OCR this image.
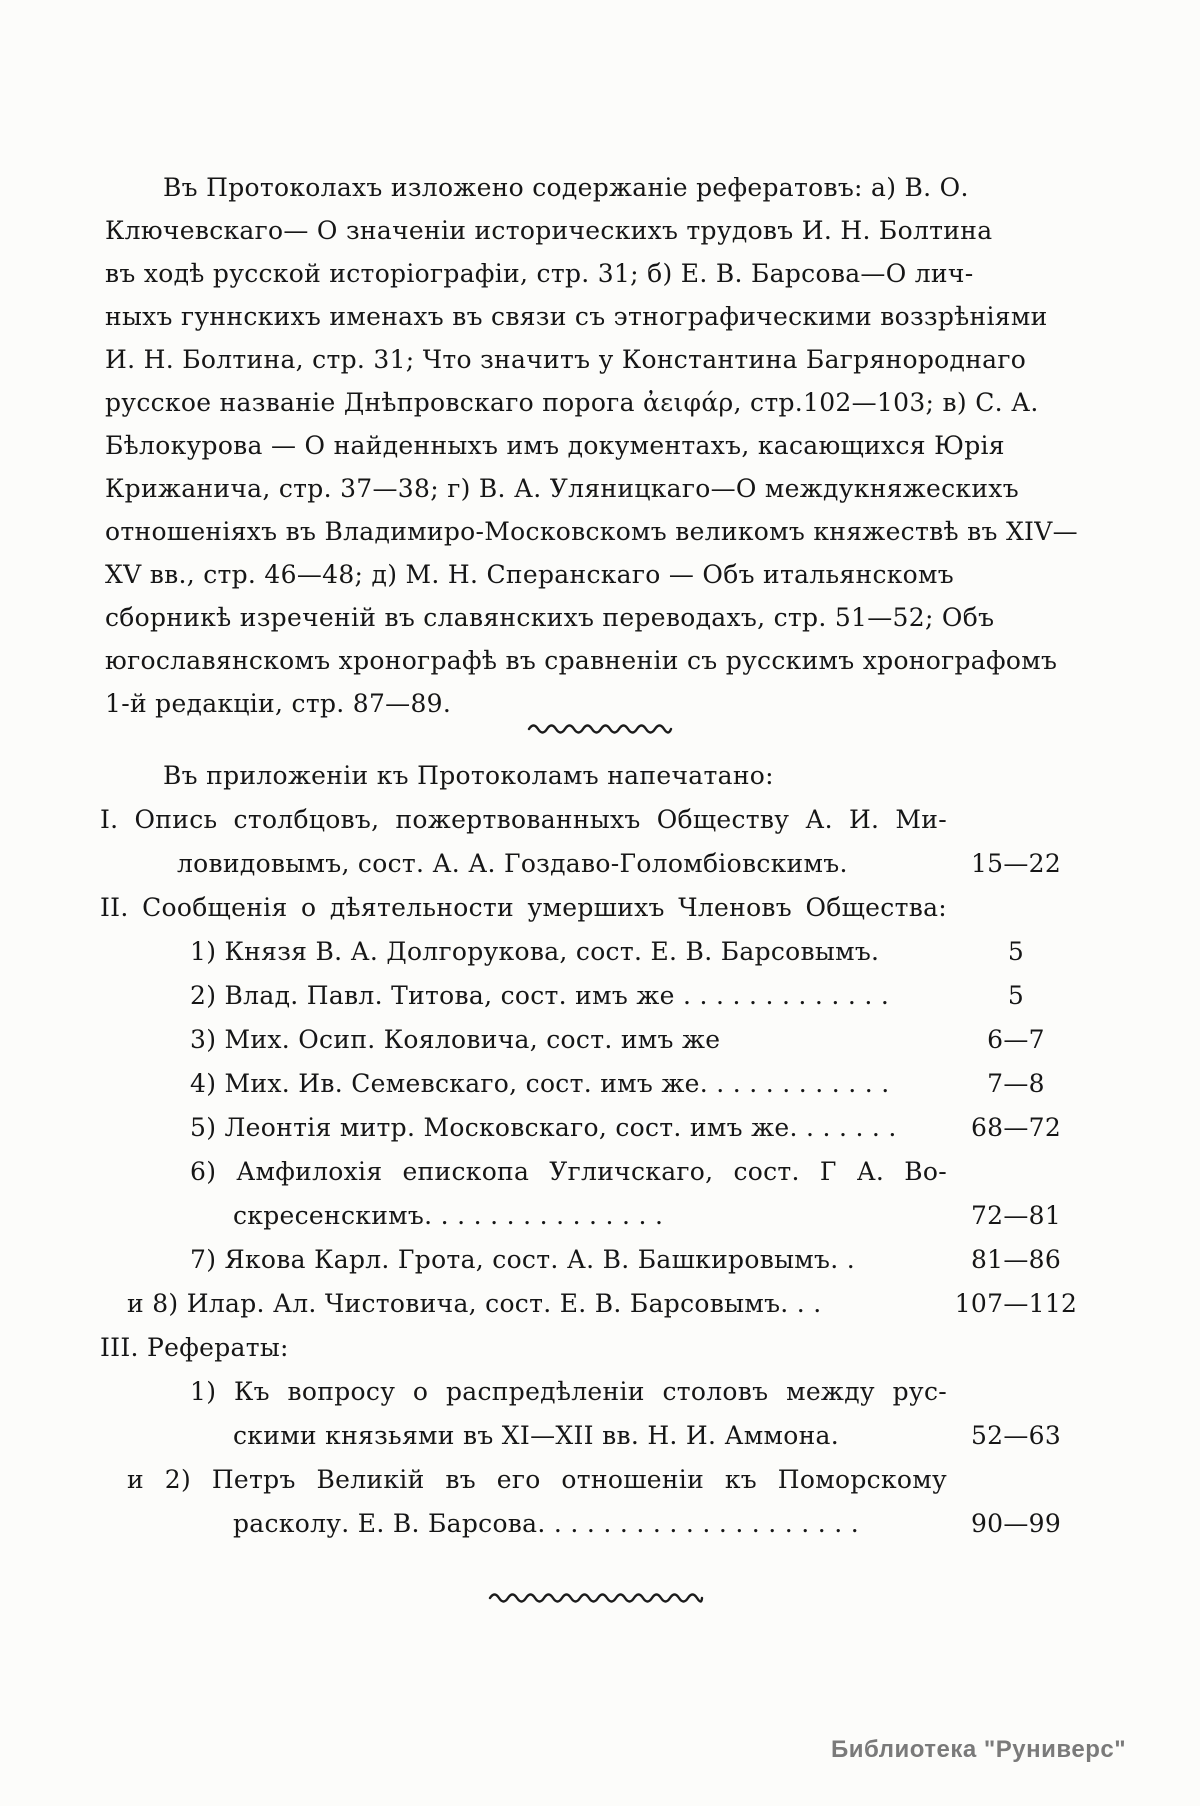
Въ Протоколахъ изложено содержаніе рефератовъ: а) В. О.
Ключевскаго— О значеніи историческихъ трудовъ И. Н. Болтина
въ ходѣ русской исторіографіи, стр. 31; б) Е. В. Барсова—О лич-
ныхъ гуннскихъ именахъ въ связи съ этнографическими воззрѣніями
И. Н. Болтина, стр. 31; Что значитъ у Константина Багрянороднаго
русское названіе Днѣпровскаго порога ἀειφάρ, стр.102—103; в) С. А.
Бѣлокурова — О найденныхъ имъ документахъ, касающихся Юрія
Крижанича, стр. 37—38; г) В. А. Уляницкаго—О междукняжескихъ
отношеніяхъ въ Владимиро-Московскомъ великомъ княжествѣ въ XIV—
XV вв., стр. 46—48; д) М. Н. Сперанскаго — Объ итальянскомъ
сборникѣ изреченій въ славянскихъ переводахъ, стр. 51—52; Объ
югославянскомъ хронографѣ въ сравненіи съ русскимъ хронографомъ
1-й редакціи, стр. 87—89.
Въ приложеніи къ Протоколамъ напечатано:
I. Опись столбцовъ, пожертвованныхъ Обществу А. И. Ми-
ловидовымъ, сост. А. А. Гоздаво-Голомбіовскимъ.	15—22
II. Сообщенія о дѣятельности умершихъ Членовъ Общества:
1) Князя В. А. Долгорукова, сост. Е. В. Барсовымъ.	5
2) Влад. Павл. Титова, сост. имъ же . . . . . . . . . . . . .	5
3) Мих. Осип. Кояловича, сост. имъ же	6—7
4) Мих. Ив. Семевскаго, сост. имъ же. . . . . . . . . . . .	7—8
5) Леонтія митр. Московскаго, сост. имъ же. . . . . . .	68—72
6) Амфилохія епископа Угличскаго, сост. Г А. Во-
скресенскимъ. . . . . . . . . . . . . . .	72—81
7) Якова Карл. Грота, сост. А. В. Башкировымъ. .	81—86
и 8) Илар. Ал. Чистовича, сост. Е. В. Барсовымъ. . .	107—112
III. Рефераты:
1) Къ вопросу о распредѣленіи столовъ между рус-
скими князьями въ XI—XII вв. Н. И. Аммона.	52—63
и 2) Петръ Великій въ его отношеніи къ Поморскому
расколу. Е. В. Барсова. . . . . . . . . . . . . . . . . . . .	90—99
Библиотека "Руниверс"
